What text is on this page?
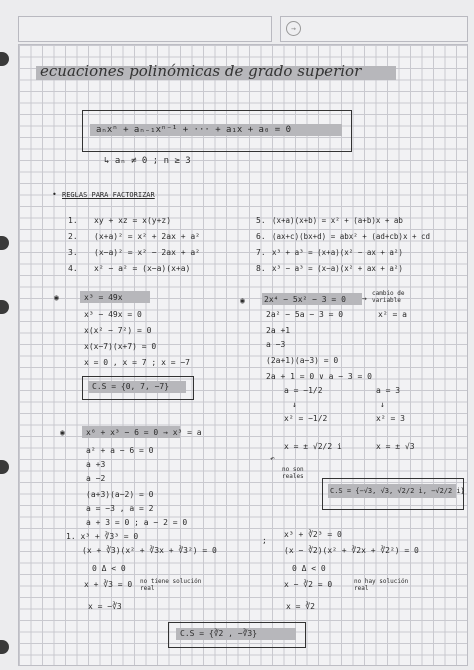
→
ecuaciones polinómicas de grado superior
aₙxⁿ + aₙ₋₁xⁿ⁻¹ + ··· + a₁x + a₀ = 0
↳ aₙ ≠ 0 ; n ≥ 3
• REGLAS PARA FACTORIZAR
1. xy + xz = x(y+z)
2. (x+a)² = x² + 2ax + a²
3. (x−a)² = x² − 2ax + a²
4. x² − a² = (x−a)(x+a)
5. (x+a)(x+b) = x² + (a+b)x + ab
6. (ax+c)(bx+d) = abx² + (ad+cb)x + cd
7. x³ + a³ = (x+a)(x² − ax + a²)
8. x³ − a³ = (x−a)(x² + ax + a²)
◉	x³ = 49x
x³ − 49x = 0
x(x² − 7²) = 0
x(x−7)(x+7) = 0
x = 0 , x = 7 ; x = −7
C.S = {0, 7, −7}
◉ 2x⁴ − 5x² − 3 = 0 →
cambio de variable
x² = a
2a² − 5a − 3 = 0
2a +1
a −3
(2a+1)(a−3) = 0
2a + 1 = 0 ∨ a − 3 = 0
a = −1/2	a = 3
↓	↓
x² = −1/2	x² = 3
x = ± √2/2 i	x = ± √3
↶
no son reales
C.S = {−√3, √3, √2/2 i, −√2/2 i}
◉	x⁶ + x³ − 6 = 0 → x³ = a
a² + a − 6 = 0
a +3
a −2
(a+3)(a−2) = 0
a = −3 , a = 2
a + 3 = 0 ; a − 2 = 0
1. x³ + ∛3³ = 0
(x + ∛3)(x² + ∛3x + ∛3²) = 0
0 Δ < 0
x + ∛3 = 0 no tiene solución real
x = −∛3
;
x³ + ∛2³ = 0
(x − ∛2)(x² + ∛2x + ∛2²) = 0
0 Δ < 0
x − ∛2 = 0	no hay solución real
x = ∛2
C.S = {∛2 , −∛3}
